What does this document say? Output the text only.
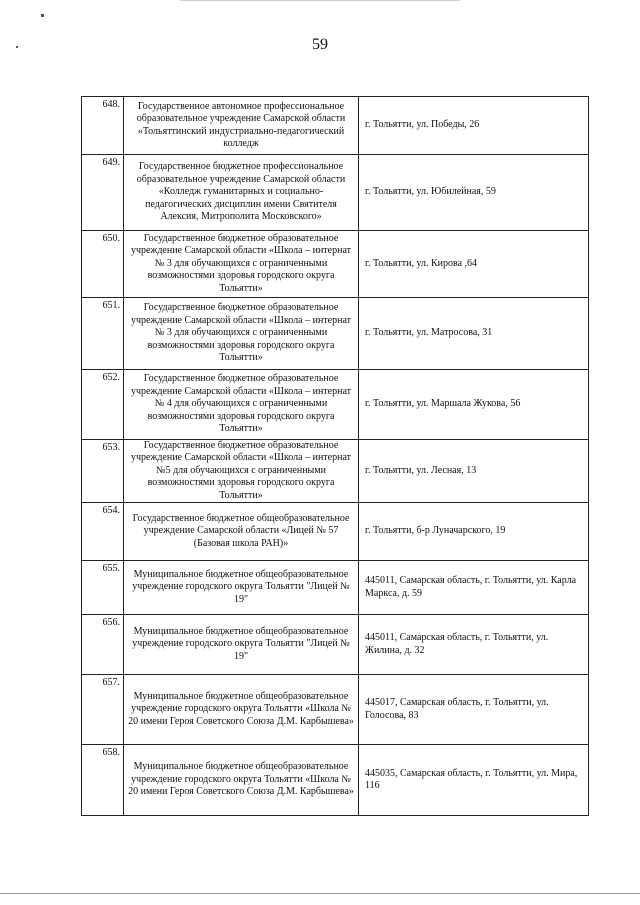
59
648.	Государственное автономное профессиональное образовательное учреждение Самарской области «Тольяттинский индустриально-педагогический колледж	г. Тольятти, ул. Победы, 26
649.	Государственное бюджетное профессиональное образовательное учреждение Самарской области «Колледж гуманитарных и социально-педагогических дисциплин имени Святителя Алексия, Митрополита Московского»	г. Тольятти, ул. Юбилейная, 59
650.	Государственное бюджетное образовательное учреждение Самарской области «Школа – интернат № 3 для обучающихся с ограниченными возможностями здоровья городского округа Тольятти»	г. Тольятти, ул. Кирова ,64
651.	Государственное бюджетное образовательное учреждение Самарской области «Школа – интернат № 3 для обучающихся с ограниченными возможностями здоровья городского округа Тольятти»	г. Тольятти, ул. Матросова, 31
652.	Государственное бюджетное образовательное учреждение Самарской области «Школа – интернат № 4 для обучающихся с ограниченными возможностями здоровья городского округа Тольятти»	г. Тольятти, ул. Маршала Жукова, 56
653.	Государственное бюджетное образовательное учреждение Самарской области «Школа – интернат №5 для обучающихся с ограниченными возможностями здоровья городского округа Тольятти»	г. Тольятти, ул. Лесная, 13
654.	Государственное бюджетное общеобразовательное учреждение Самарской области «Лицей № 57 (Базовая школа РАН)»	г. Тольятти, б-р Луначарского, 19
655.	Муниципальное бюджетное общеобразовательное учреждение городского округа Тольятти "Лицей № 19"	445011, Самарская область, г. Тольятти, ул. Карла Маркса, д. 59
656.	Муниципальное бюджетное общеобразовательное учреждение городского округа Тольятти "Лицей № 19"	445011, Самарская область, г. Тольятти, ул. Жилина, д. 32
657.	Муниципальное бюджетное общеобразовательное учреждение городского округа Тольятти «Школа № 20 имени Героя Советского Союза Д.М. Карбышева»	445017, Самарская область, г. Тольятти, ул. Голосова, 83
658.	Муниципальное бюджетное общеобразовательное учреждение городского округа Тольятти «Школа № 20 имени Героя Советского Союза Д.М. Карбышева»	445035, Самарская область, г. Тольятти, ул. Мира, 116
